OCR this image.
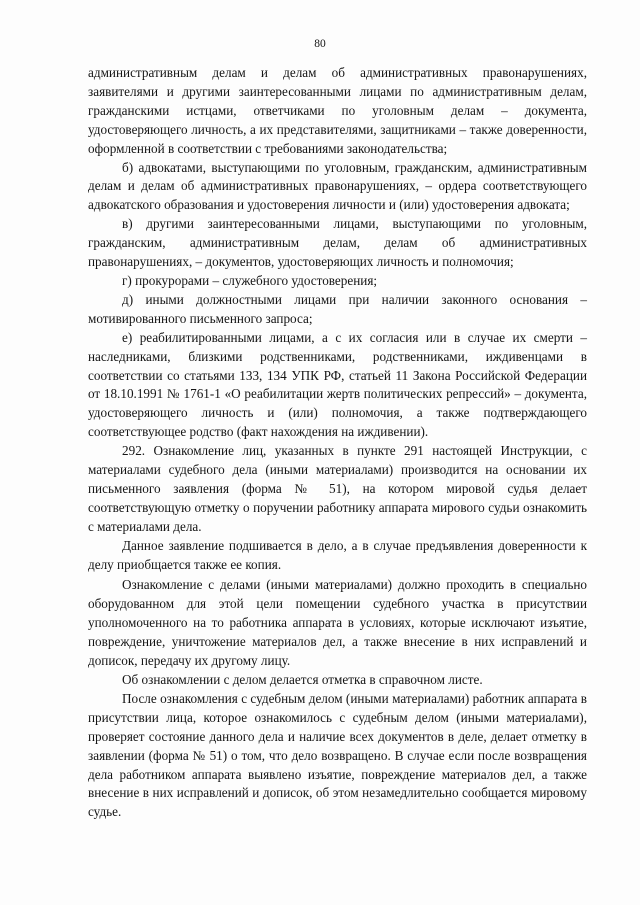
80

административным делам и делам об административных правонарушениях, заявителями и другими заинтересованными лицами по административным делам, гражданскими истцами, ответчиками по уголовным делам – документа, удостоверяющего личность, а их представителями, защитниками – также доверенности, оформленной в соответствии с требованиями законодательства;

б) адвокатами, выступающими по уголовным, гражданским, административным делам и делам об административных правонарушениях, – ордера соответствующего адвокатского образования и удостоверения личности и (или) удостоверения адвоката;

в) другими заинтересованными лицами, выступающими по уголовным, гражданским, административным делам, делам об административных правонарушениях, – документов, удостоверяющих личность и полномочия;

г) прокурорами – служебного удостоверения;

д) иными должностными лицами при наличии законного основания – мотивированного письменного запроса;

е) реабилитированными лицами, а с их согласия или в случае их смерти – наследниками, близкими родственниками, родственниками, иждивенцами в соответствии со статьями 133, 134 УПК РФ, статьей 11 Закона Российской Федерации от 18.10.1991 № 1761-1 «О реабилитации жертв политических репрессий» – документа, удостоверяющего личность и (или) полномочия, а также подтверждающего соответствующее родство (факт нахождения на иждивении).

292. Ознакомление лиц, указанных в пункте 291 настоящей Инструкции, с материалами судебного дела (иными материалами) производится на основании их письменного заявления (форма № 51), на котором мировой судья делает соответствующую отметку о поручении работнику аппарата мирового судьи ознакомить с материалами дела.

Данное заявление подшивается в дело, а в случае предъявления доверенности к делу приобщается также ее копия.

Ознакомление с делами (иными материалами) должно проходить в специально оборудованном для этой цели помещении судебного участка в присутствии уполномоченного на то работника аппарата в условиях, которые исключают изъятие, повреждение, уничтожение материалов дел, а также внесение в них исправлений и дописок, передачу их другому лицу.

Об ознакомлении с делом делается отметка в справочном листе.

После ознакомления с судебным делом (иными материалами) работник аппарата в присутствии лица, которое ознакомилось с судебным делом (иными материалами), проверяет состояние данного дела и наличие всех документов в деле, делает отметку в заявлении (форма № 51) о том, что дело возвращено. В случае если после возвращения дела работником аппарата выявлено изъятие, повреждение материалов дел, а также внесение в них исправлений и дописок, об этом незамедлительно сообщается мировому судье.
